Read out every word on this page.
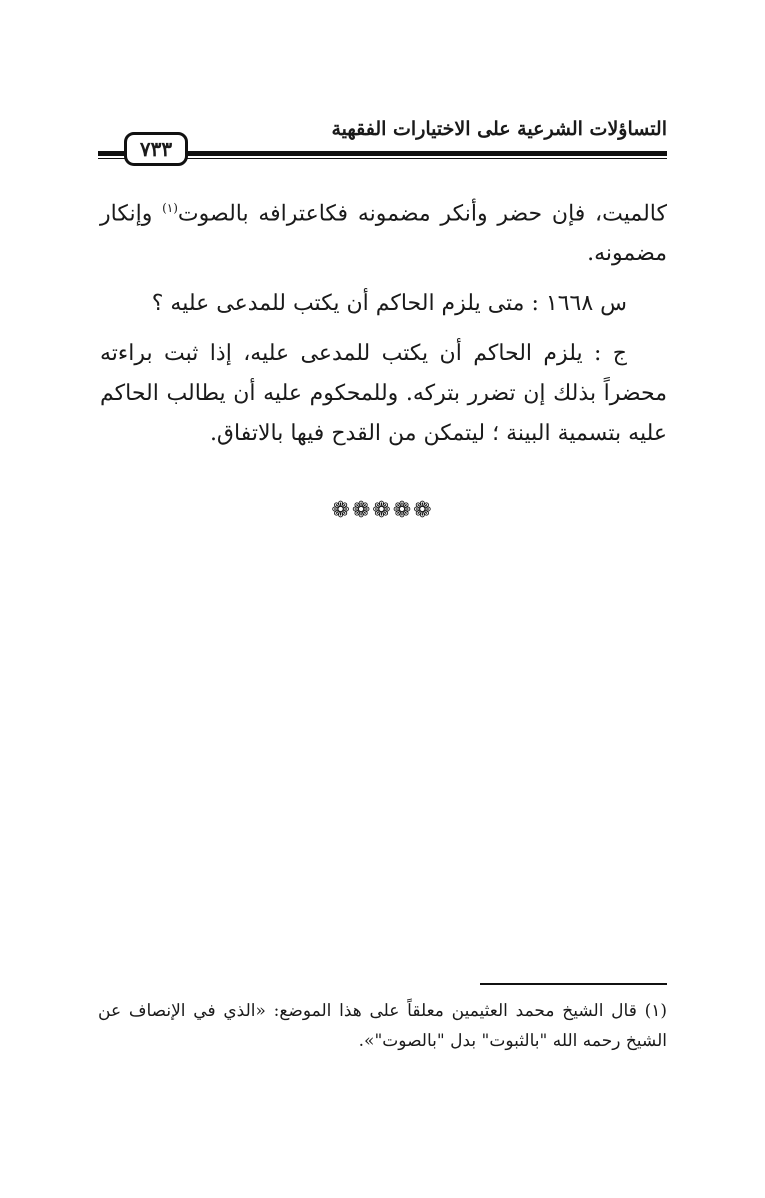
التساؤلات الشرعية على الاختيارات الفقهية
٧٣٣

كالميت، فإن حضر وأنكر مضمونه فكاعترافه بالصوت$^{(١)}$ وإنكار مضمونه.

س ١٦٦٨ : متى يلزم الحاكم أن يكتب للمدعى عليه ؟

ج : يلزم الحاكم أن يكتب للمدعى عليه، إذا ثبت براءته محضراً بذلك إن تضرر بتركه. وللمحكوم عليه أن يطالب الحاكم عليه بتسمية البينة ؛ ليتمكن من القدح فيها بالاتفاق.

❁❁❁❁❁

(١) قال الشيخ محمد العثيمين معلقاً على هذا الموضع: «الذي في الإنصاف عن الشيخ رحمه الله "بالثبوت" بدل "بالصوت"».
